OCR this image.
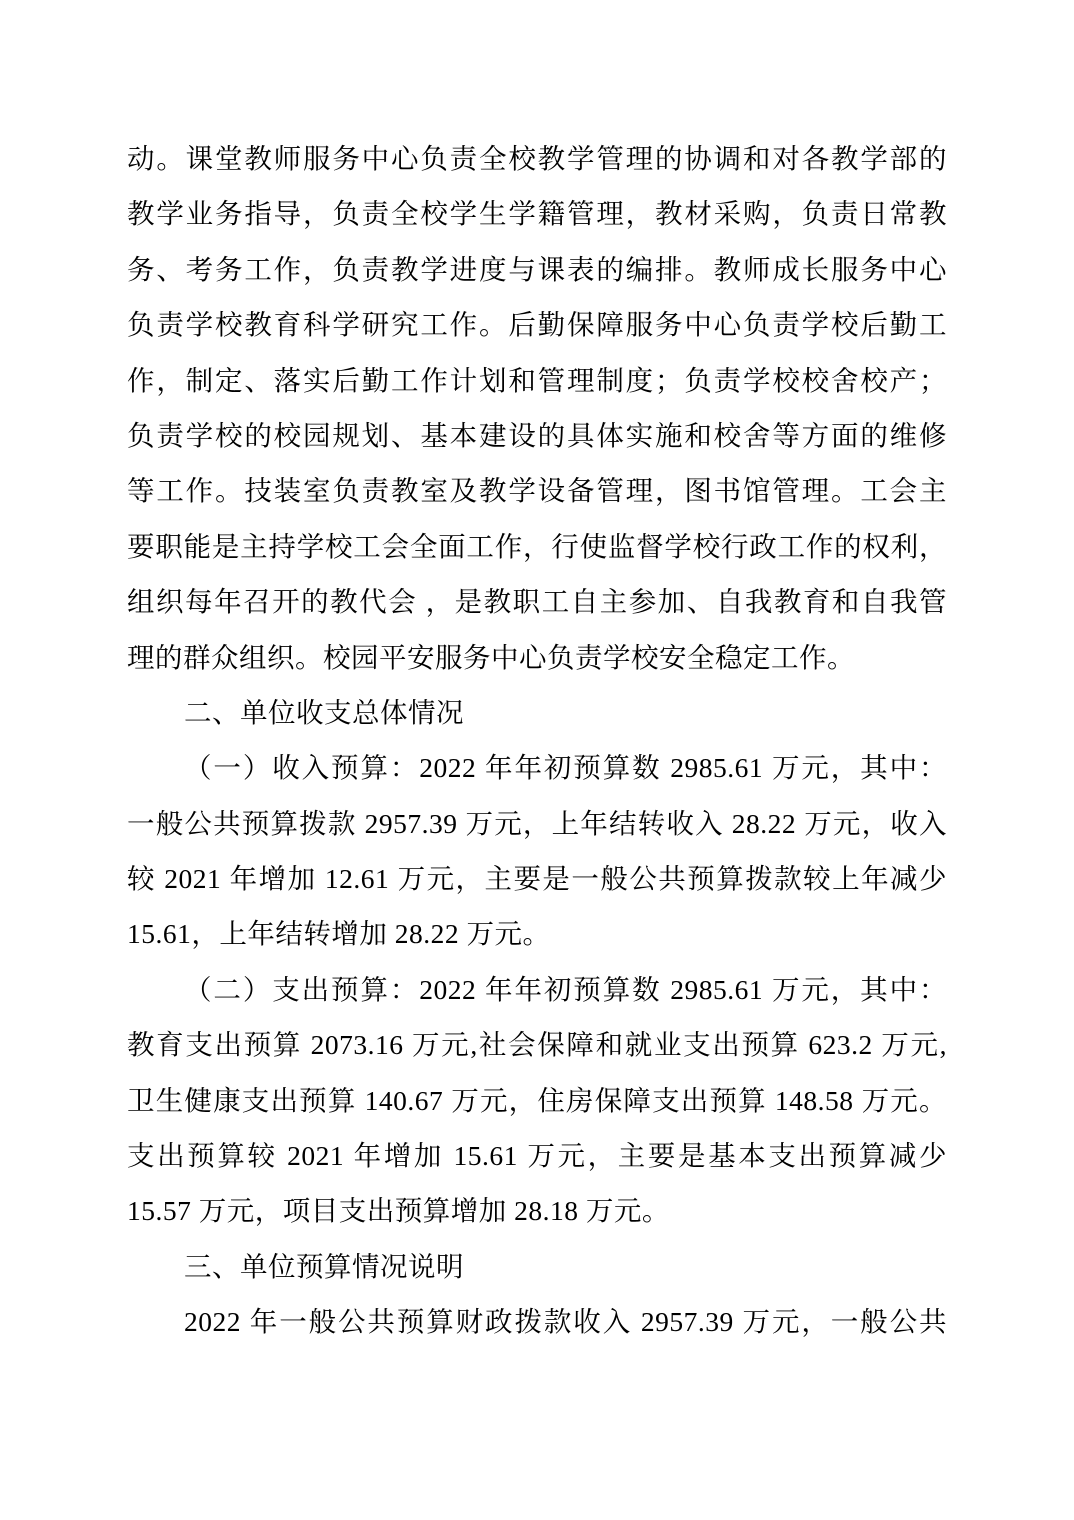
动。课堂教师服务中心负责全校教学管理的协调和对各教学部的
教学业务指导，负责全校学生学籍管理，教材采购，负责日常教
务、考务工作，负责教学进度与课表的编排。教师成长服务中心
负责学校教育科学研究工作。后勤保障服务中心负责学校后勤工
作，制定、落实后勤工作计划和管理制度；负责学校校舍校产；
负责学校的校园规划、基本建设的具体实施和校舍等方面的维修
等工作。技装室负责教室及教学设备管理，图书馆管理。工会主
要职能是主持学校工会全面工作，行使监督学校行政工作的权利，
组织每年召开的教代会 ，是教职工自主参加、自我教育和自我管
理的群众组织。校园平安服务中心负责学校安全稳定工作。
二、单位收支总体情况
（一）收入预算：2022 年年初预算数 2985.61 万元，其中：
一般公共预算拨款 2957.39 万元，上年结转收入 28.22 万元，收入
较 2021 年增加 12.61 万元，主要是一般公共预算拨款较上年减少
15.61，上年结转增加 28.22 万元。
（二）支出预算：2022 年年初预算数 2985.61 万元，其中：
教育支出预算 2073.16 万元,社会保障和就业支出预算 623.2 万元,
卫生健康支出预算 140.67 万元，住房保障支出预算 148.58 万元。
支出预算较 2021 年增加 15.61 万元，主要是基本支出预算减少
15.57 万元，项目支出预算增加 28.18 万元。
三、单位预算情况说明
2022 年一般公共预算财政拨款收入 2957.39 万元，一般公共
